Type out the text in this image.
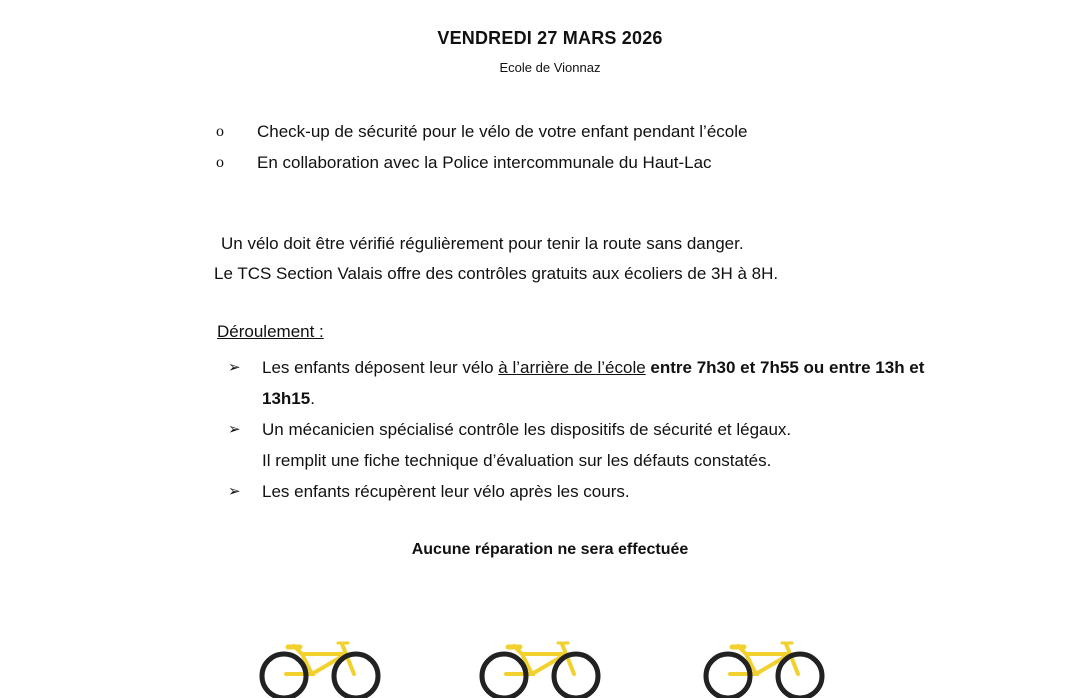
VENDREDI 27 MARS 2026
Ecole de Vionnaz
o	Check-up de sécurité pour le vélo de votre enfant pendant l’école
o	En collaboration avec la Police intercommunale du Haut-Lac
Un vélo doit être vérifié régulièrement pour tenir la route sans danger.
Le TCS Section Valais offre des contrôles gratuits aux écoliers de 3H à 8H.
Déroulement :
➢	Les enfants déposent leur vélo à l’arrière de l’école entre 7h30 et 7h55 ou entre 13h et 13h15.
➢	Un mécanicien spécialisé contrôle les dispositifs de sécurité et légaux.
Il remplit une fiche technique d’évaluation sur les défauts constatés.
➢	Les enfants récupèrent leur vélo après les cours.
Aucune réparation ne sera effectuée
